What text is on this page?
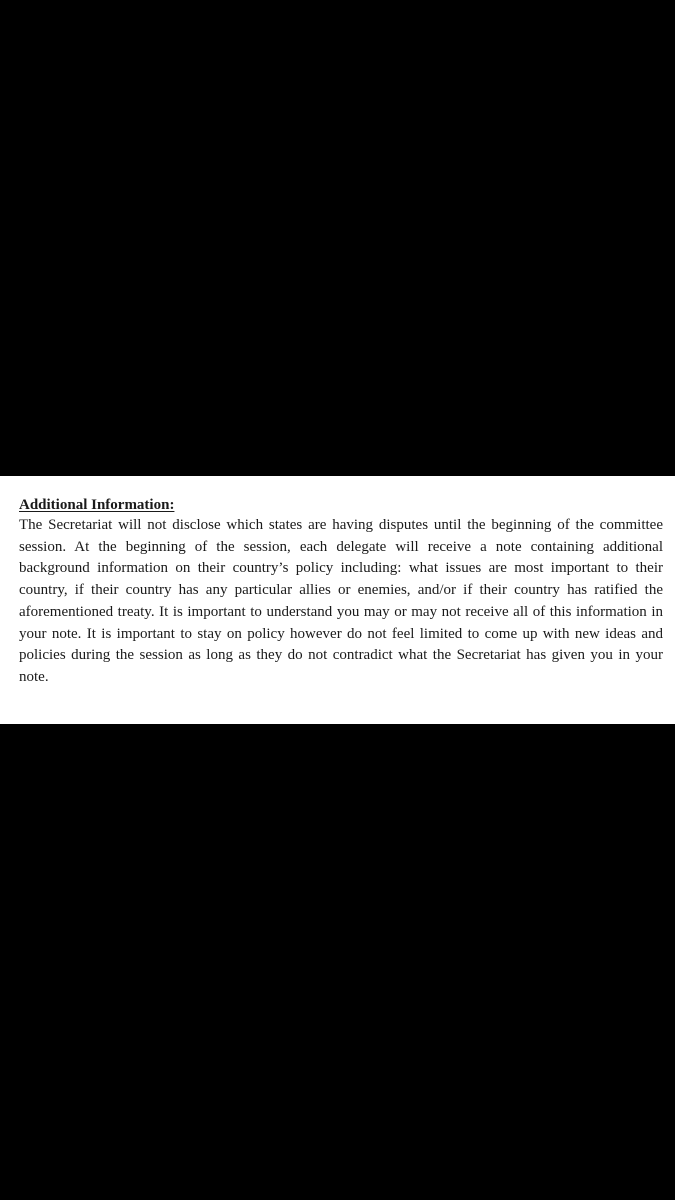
Additional Information:

The Secretariat will not disclose which states are having disputes until the beginning of the committee session. At the beginning of the session, each delegate will receive a note containing additional background information on their country’s policy including: what issues are most important to their country, if their country has any particular allies or enemies, and/or if their country has ratified the aforementioned treaty. It is important to understand you may or may not receive all of this information in your note. It is important to stay on policy however do not feel limited to come up with new ideas and policies during the session as long as they do not contradict what the Secretariat has given you in your note.
